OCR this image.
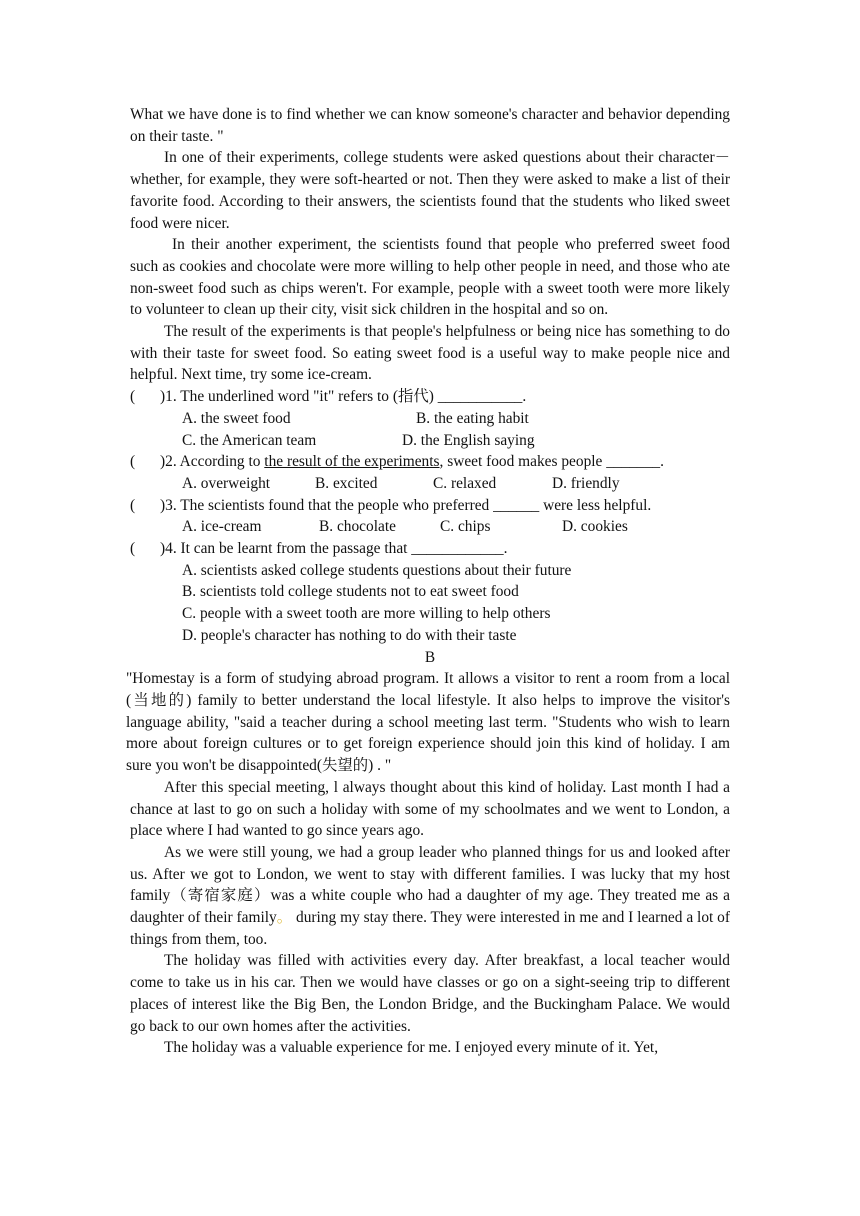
What we have done is to find whether we can know someone's character and behavior depending on their taste. "

In one of their experiments, college students were asked questions about their character－whether, for example, they were soft-hearted or not. Then they were asked to make a list of their favorite food. According to their answers, the scientists found that the students who liked sweet food were nicer.

In their another experiment, the scientists found that people who preferred sweet food such as cookies and chocolate were more willing to help other people in need, and those who ate non-sweet food such as chips weren't. For example, people with a sweet tooth were more likely to volunteer to clean up their city, visit sick children in the hospital and so on.

The result of the experiments is that people's helpfulness or being nice has something to do with their taste for sweet food. So eating sweet food is a useful way to make people nice and helpful. Next time, try some ice-cream.

( )1. The underlined word "it" refers to (指代) ___________.

A. the sweet food	B. the eating habit

C. the American team	D. the English saying

( )2. According to the result of the experiments, sweet food makes people _______.

A. overweight	B. excited	C. relaxed	D. friendly

( )3. The scientists found that the people who preferred ______ were less helpful.

A. ice-cream	B. chocolate	C. chips	D. cookies

( )4. It can be learnt from the passage that ____________.

A. scientists asked college students questions about their future

B. scientists told college students not to eat sweet food

C. people with a sweet tooth are more willing to help others

D. people's character has nothing to do with their taste

B

"Homestay is a form of studying abroad program. It allows a visitor to rent a room from a local (当地的) family to better understand the local lifestyle. It also helps to improve the visitor's language ability, "said a teacher during a school meeting last term. "Students who wish to learn more about foreign cultures or to get foreign experience should join this kind of holiday. I am sure you won't be disappointed(失望的) . "

After this special meeting, l always thought about this kind of holiday. Last month I had a chance at last to go on such a holiday with some of my schoolmates and we went to London, a place where I had wanted to go since years ago.

As we were still young, we had a group leader who planned things for us and looked after us. After we got to London, we went to stay with different families. I was lucky that my host family（寄宿家庭）was a white couple who had a daughter of my age. They treated me as a daughter of their family。 during my stay there. They were interested in me and I learned a lot of things from them, too.

The holiday was filled with activities every day. After breakfast, a local teacher would come to take us in his car. Then we would have classes or go on a sight-seeing trip to different places of interest like the Big Ben, the London Bridge, and the Buckingham Palace. We would go back to our own homes after the activities.

The holiday was a valuable experience for me. I enjoyed every minute of it. Yet,
